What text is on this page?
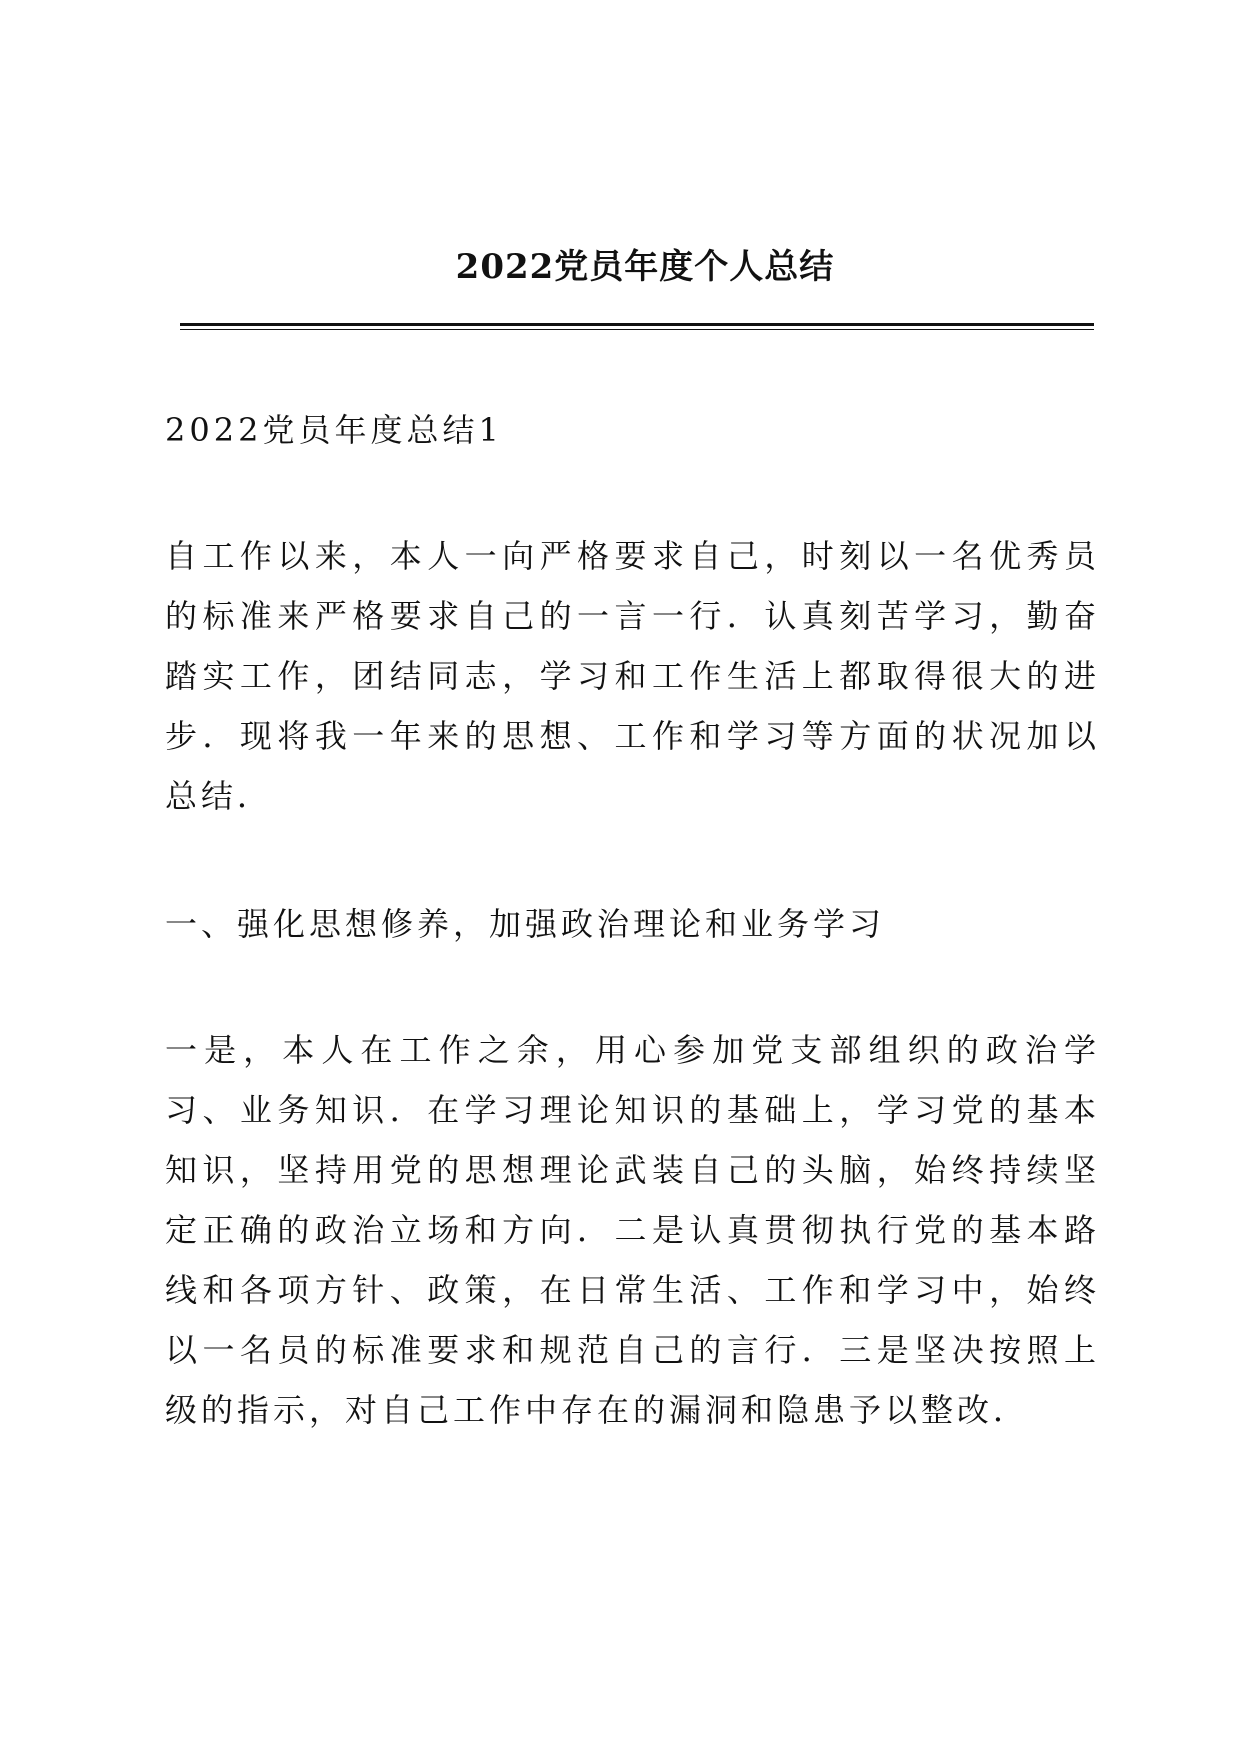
2022党员年度个人总结

2022党员年度总结1

自工作以来，本人一向严格要求自己，时刻以一名优秀员的标准来严格要求自己的一言一行．认真刻苦学习，勤奋踏实工作，团结同志，学习和工作生活上都取得很大的进步．现将我一年来的思想、工作和学习等方面的状况加以总结．

一、强化思想修养，加强政治理论和业务学习

一是，本人在工作之余，用心参加党支部组织的政治学习、业务知识．在学习理论知识的基础上，学习党的基本知识，坚持用党的思想理论武装自己的头脑，始终持续坚定正确的政治立场和方向．二是认真贯彻执行党的基本路线和各项方针、政策，在日常生活、工作和学习中，始终以一名员的标准要求和规范自己的言行．三是坚决按照上级的指示，对自己工作中存在的漏洞和隐患予以整改．
